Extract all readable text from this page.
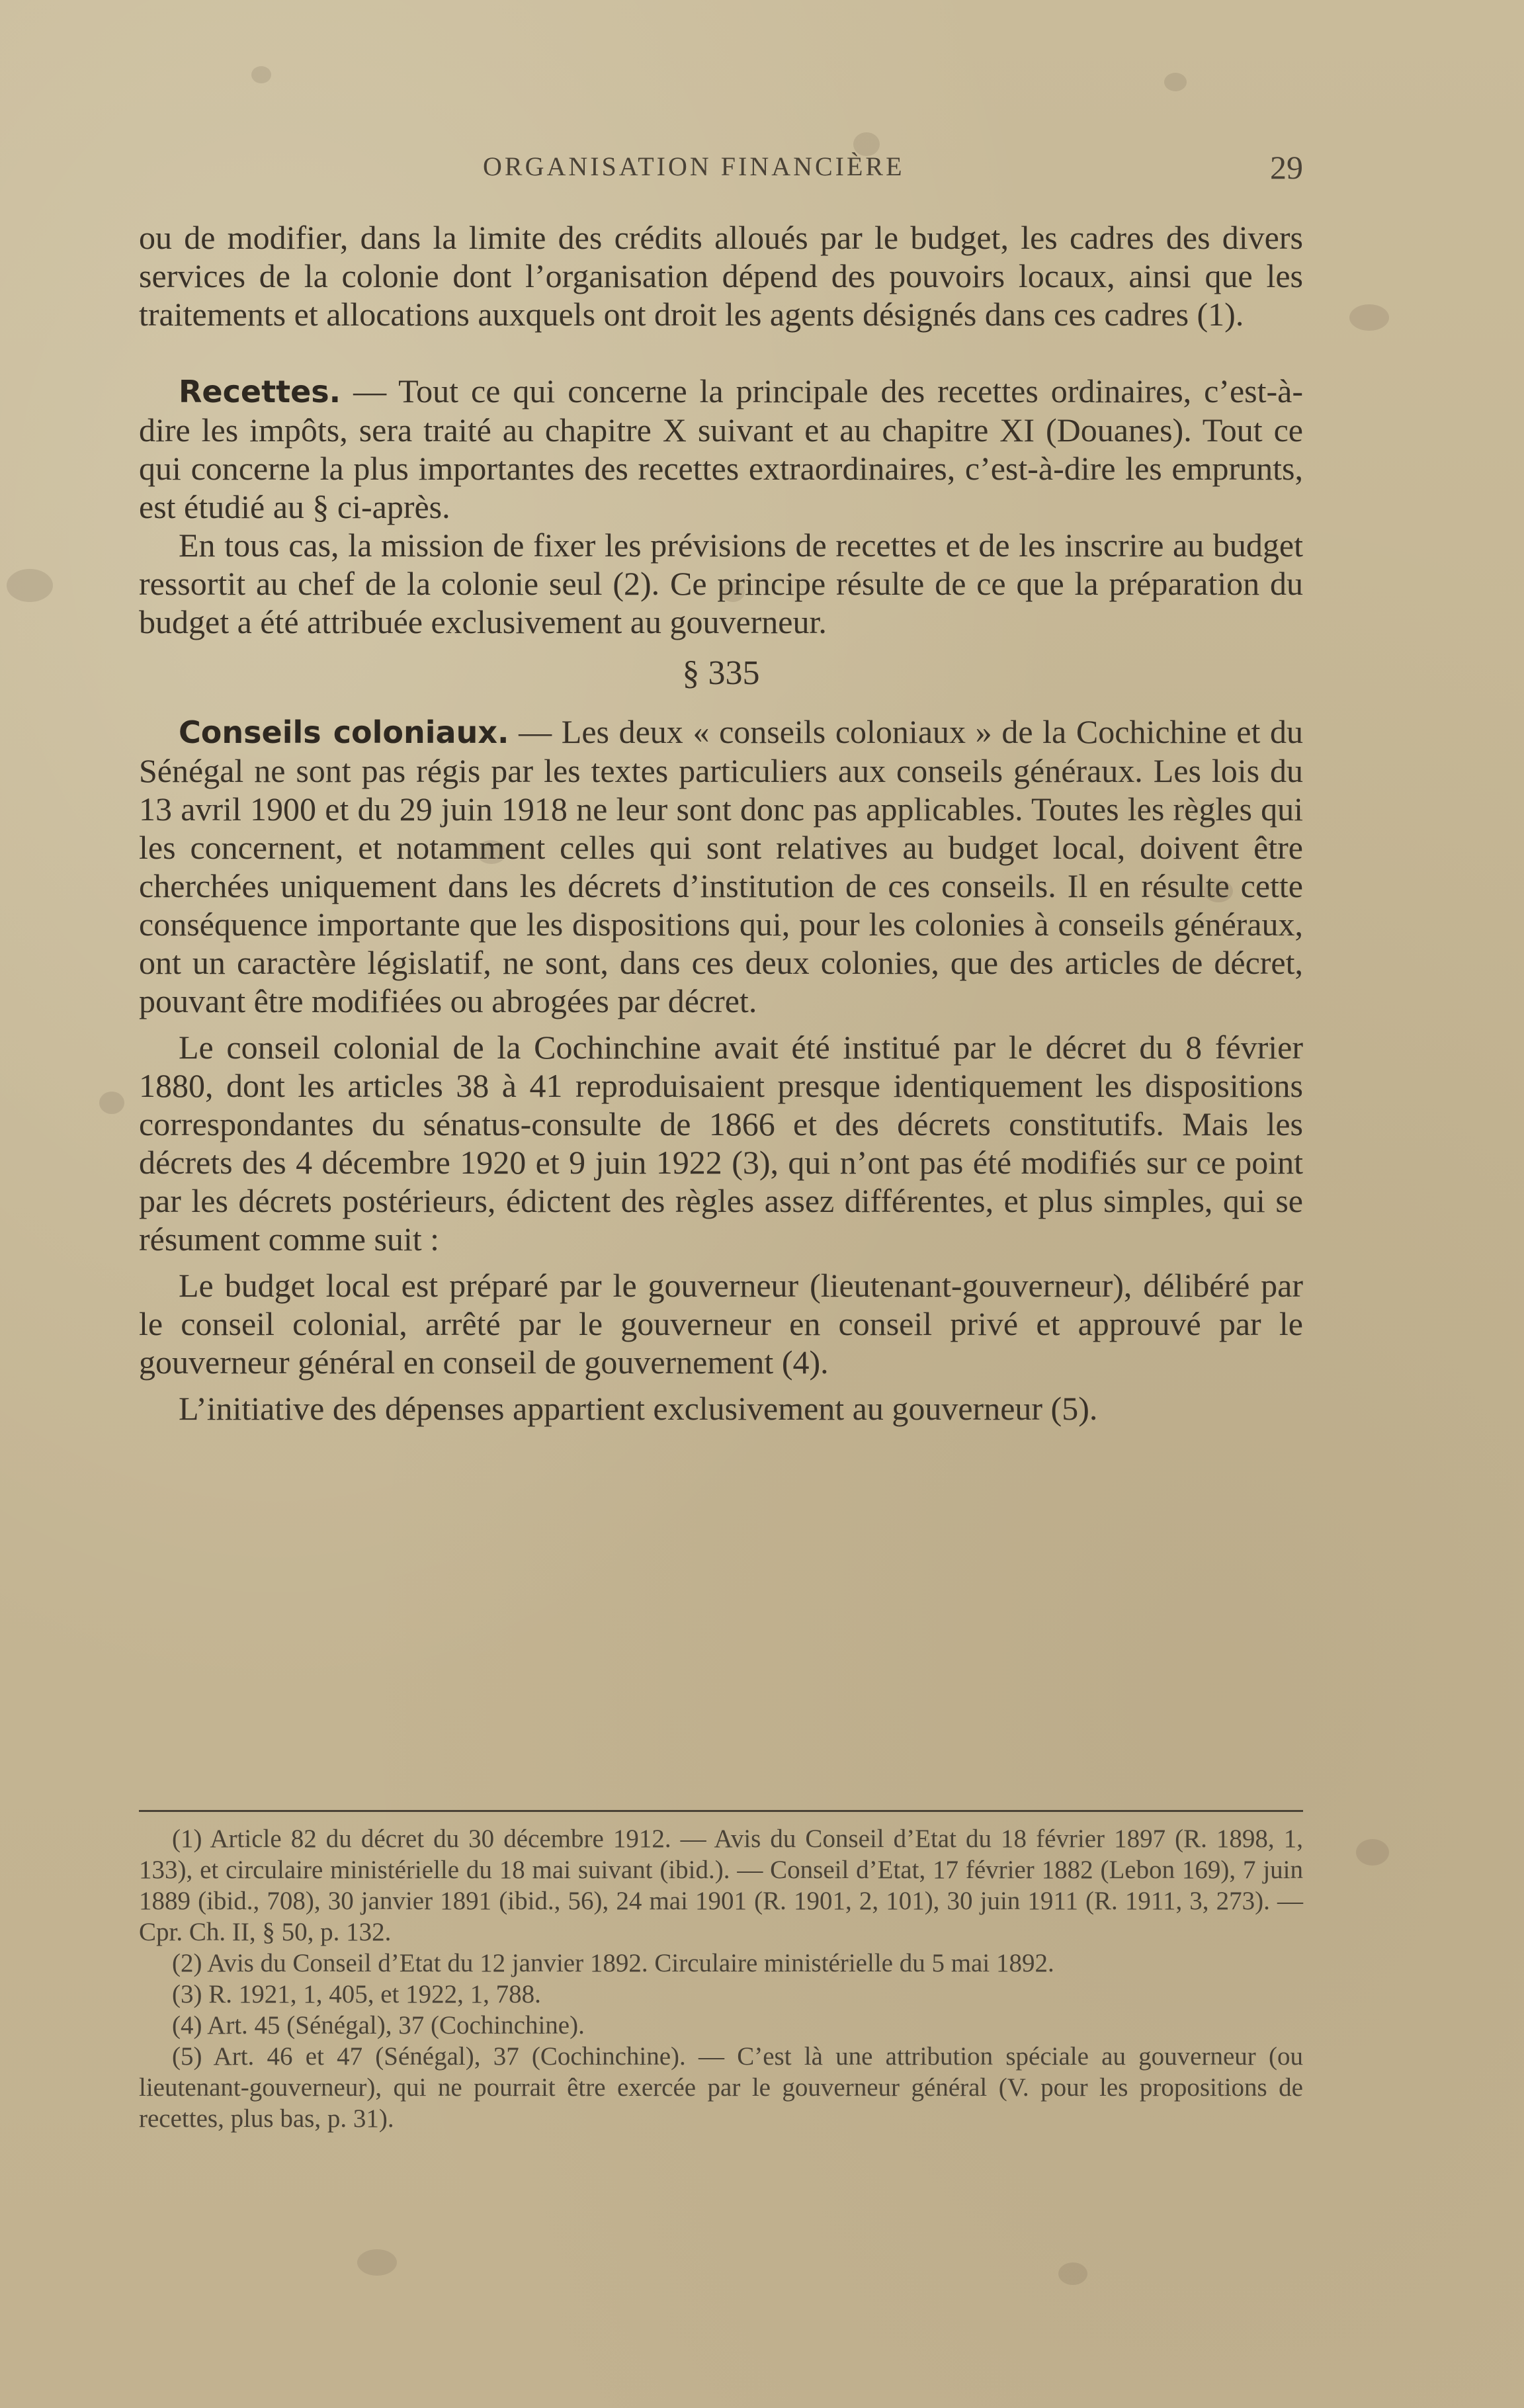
ORGANISATION FINANCIÈRE	29

ou de modifier, dans la limite des crédits alloués par le budget, les cadres des divers services de la colonie dont l’organisation dépend des pouvoirs locaux, ainsi que les traitements et allocations auxquels ont droit les agents désignés dans ces cadres (1).

Recettes. — Tout ce qui concerne la principale des recettes ordinaires, c’est-à-dire les impôts, sera traité au chapitre X suivant et au chapitre XI (Douanes). Tout ce qui concerne la plus importantes des recettes extraordinaires, c’est-à-dire les emprunts, est étudié au § ci-après.

En tous cas, la mission de fixer les prévisions de recettes et de les inscrire au budget ressortit au chef de la colonie seul (2). Ce principe résulte de ce que la préparation du budget a été attribuée exclusivement au gouverneur.

§ 335

Conseils coloniaux. — Les deux « conseils coloniaux » de la Cochichine et du Sénégal ne sont pas régis par les textes particuliers aux conseils généraux. Les lois du 13 avril 1900 et du 29 juin 1918 ne leur sont donc pas applicables. Toutes les règles qui les concernent, et notamment celles qui sont relatives au budget local, doivent être cherchées uniquement dans les décrets d’institution de ces conseils. Il en résulte cette conséquence importante que les dispositions qui, pour les colonies à conseils généraux, ont un caractère législatif, ne sont, dans ces deux colonies, que des articles de décret, pouvant être modifiées ou abrogées par décret.

Le conseil colonial de la Cochinchine avait été institué par le décret du 8 février 1880, dont les articles 38 à 41 reproduisaient presque identiquement les dispositions correspondantes du sénatus-consulte de 1866 et des décrets constitutifs. Mais les décrets des 4 décembre 1920 et 9 juin 1922 (3), qui n’ont pas été modifiés sur ce point par les décrets postérieurs, édictent des règles assez différentes, et plus simples, qui se résument comme suit :

Le budget local est préparé par le gouverneur (lieutenant-gouverneur), délibéré par le conseil colonial, arrêté par le gouverneur en conseil privé et approuvé par le gouverneur général en conseil de gouvernement (4).

L’initiative des dépenses appartient exclusivement au gouverneur (5).

(1) Article 82 du décret du 30 décembre 1912. — Avis du Conseil d’Etat du 18 février 1897 (R. 1898, 1, 133), et circulaire ministérielle du 18 mai suivant (ibid.). — Conseil d’Etat, 17 février 1882 (Lebon 169), 7 juin 1889 (ibid., 708), 30 janvier 1891 (ibid., 56), 24 mai 1901 (R. 1901, 2, 101), 30 juin 1911 (R. 1911, 3, 273). — Cpr. Ch. II, § 50, p. 132.

(2) Avis du Conseil d’Etat du 12 janvier 1892. Circulaire ministérielle du 5 mai 1892.

(3) R. 1921, 1, 405, et 1922, 1, 788.

(4) Art. 45 (Sénégal), 37 (Cochinchine).

(5) Art. 46 et 47 (Sénégal), 37 (Cochinchine). — C’est là une attribution spéciale au gouverneur (ou lieutenant-gouverneur), qui ne pourrait être exercée par le gouverneur général (V. pour les propositions de recettes, plus bas, p. 31).
